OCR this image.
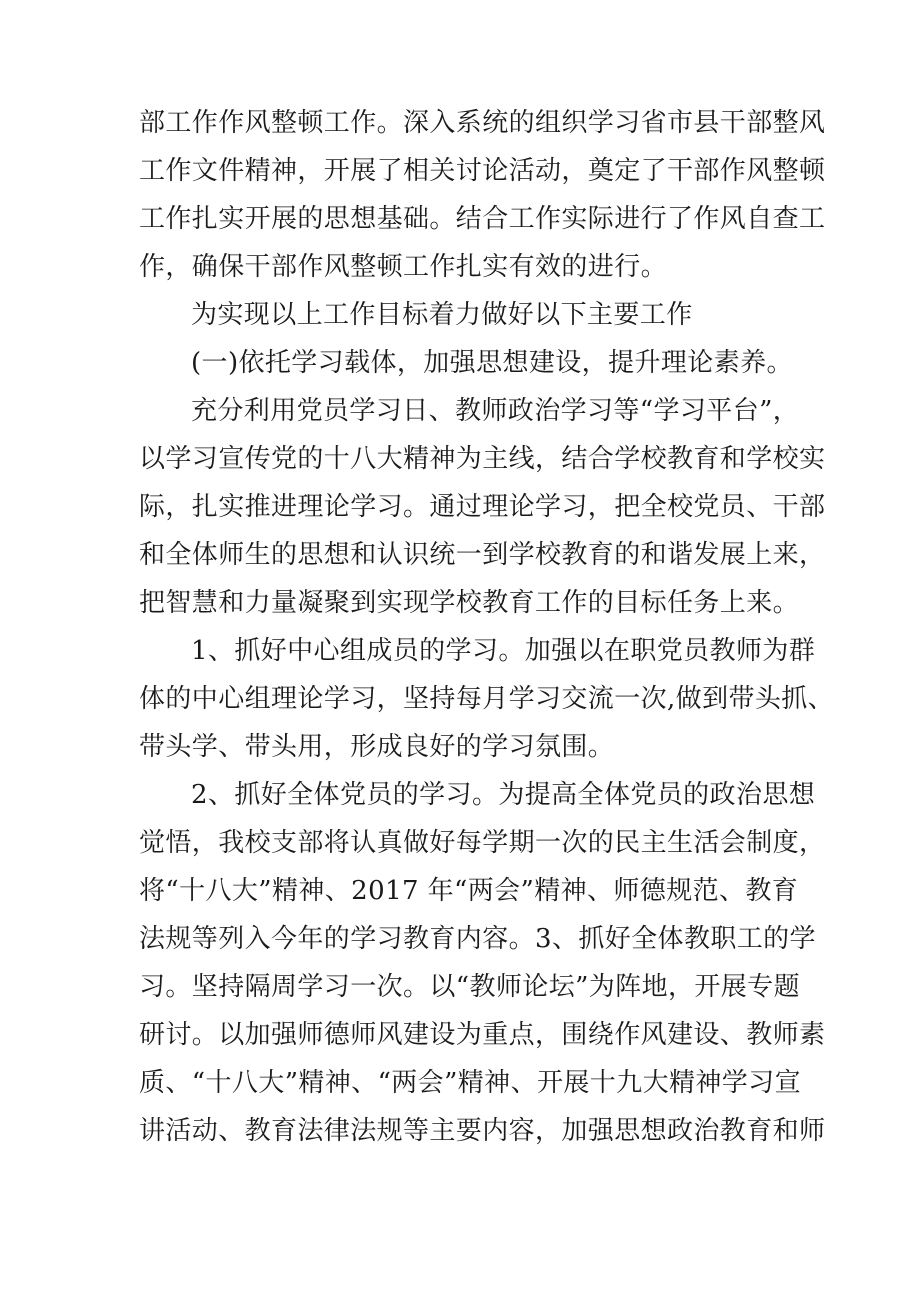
部工作作风整顿工作。深入系统的组织学习省市县干部整风
工作文件精神，开展了相关讨论活动，奠定了干部作风整顿
工作扎实开展的思想基础。结合工作实际进行了作风自查工
作，确保干部作风整顿工作扎实有效的进行。
为实现以上工作目标着力做好以下主要工作
(一)依托学习载体，加强思想建设，提升理论素养。
充分利用党员学习日、教师政治学习等“学习平台”，
以学习宣传党的十八大精神为主线，结合学校教育和学校实
际，扎实推进理论学习。通过理论学习，把全校党员、干部
和全体师生的思想和认识统一到学校教育的和谐发展上来，
把智慧和力量凝聚到实现学校教育工作的目标任务上来。
1、抓好中心组成员的学习。加强以在职党员教师为群
体的中心组理论学习，坚持每月学习交流一次,做到带头抓、
带头学、带头用，形成良好的学习氛围。
2、抓好全体党员的学习。为提高全体党员的政治思想
觉悟，我校支部将认真做好每学期一次的民主生活会制度，
将“十八大”精神、2017 年“两会”精神、师德规范、教育
法规等列入今年的学习教育内容。3、抓好全体教职工的学
习。坚持隔周学习一次。以“教师论坛”为阵地，开展专题
研讨。以加强师德师风建设为重点，围绕作风建设、教师素
质、“十八大”精神、“两会”精神、开展十九大精神学习宣
讲活动、教育法律法规等主要内容，加强思想政治教育和师
